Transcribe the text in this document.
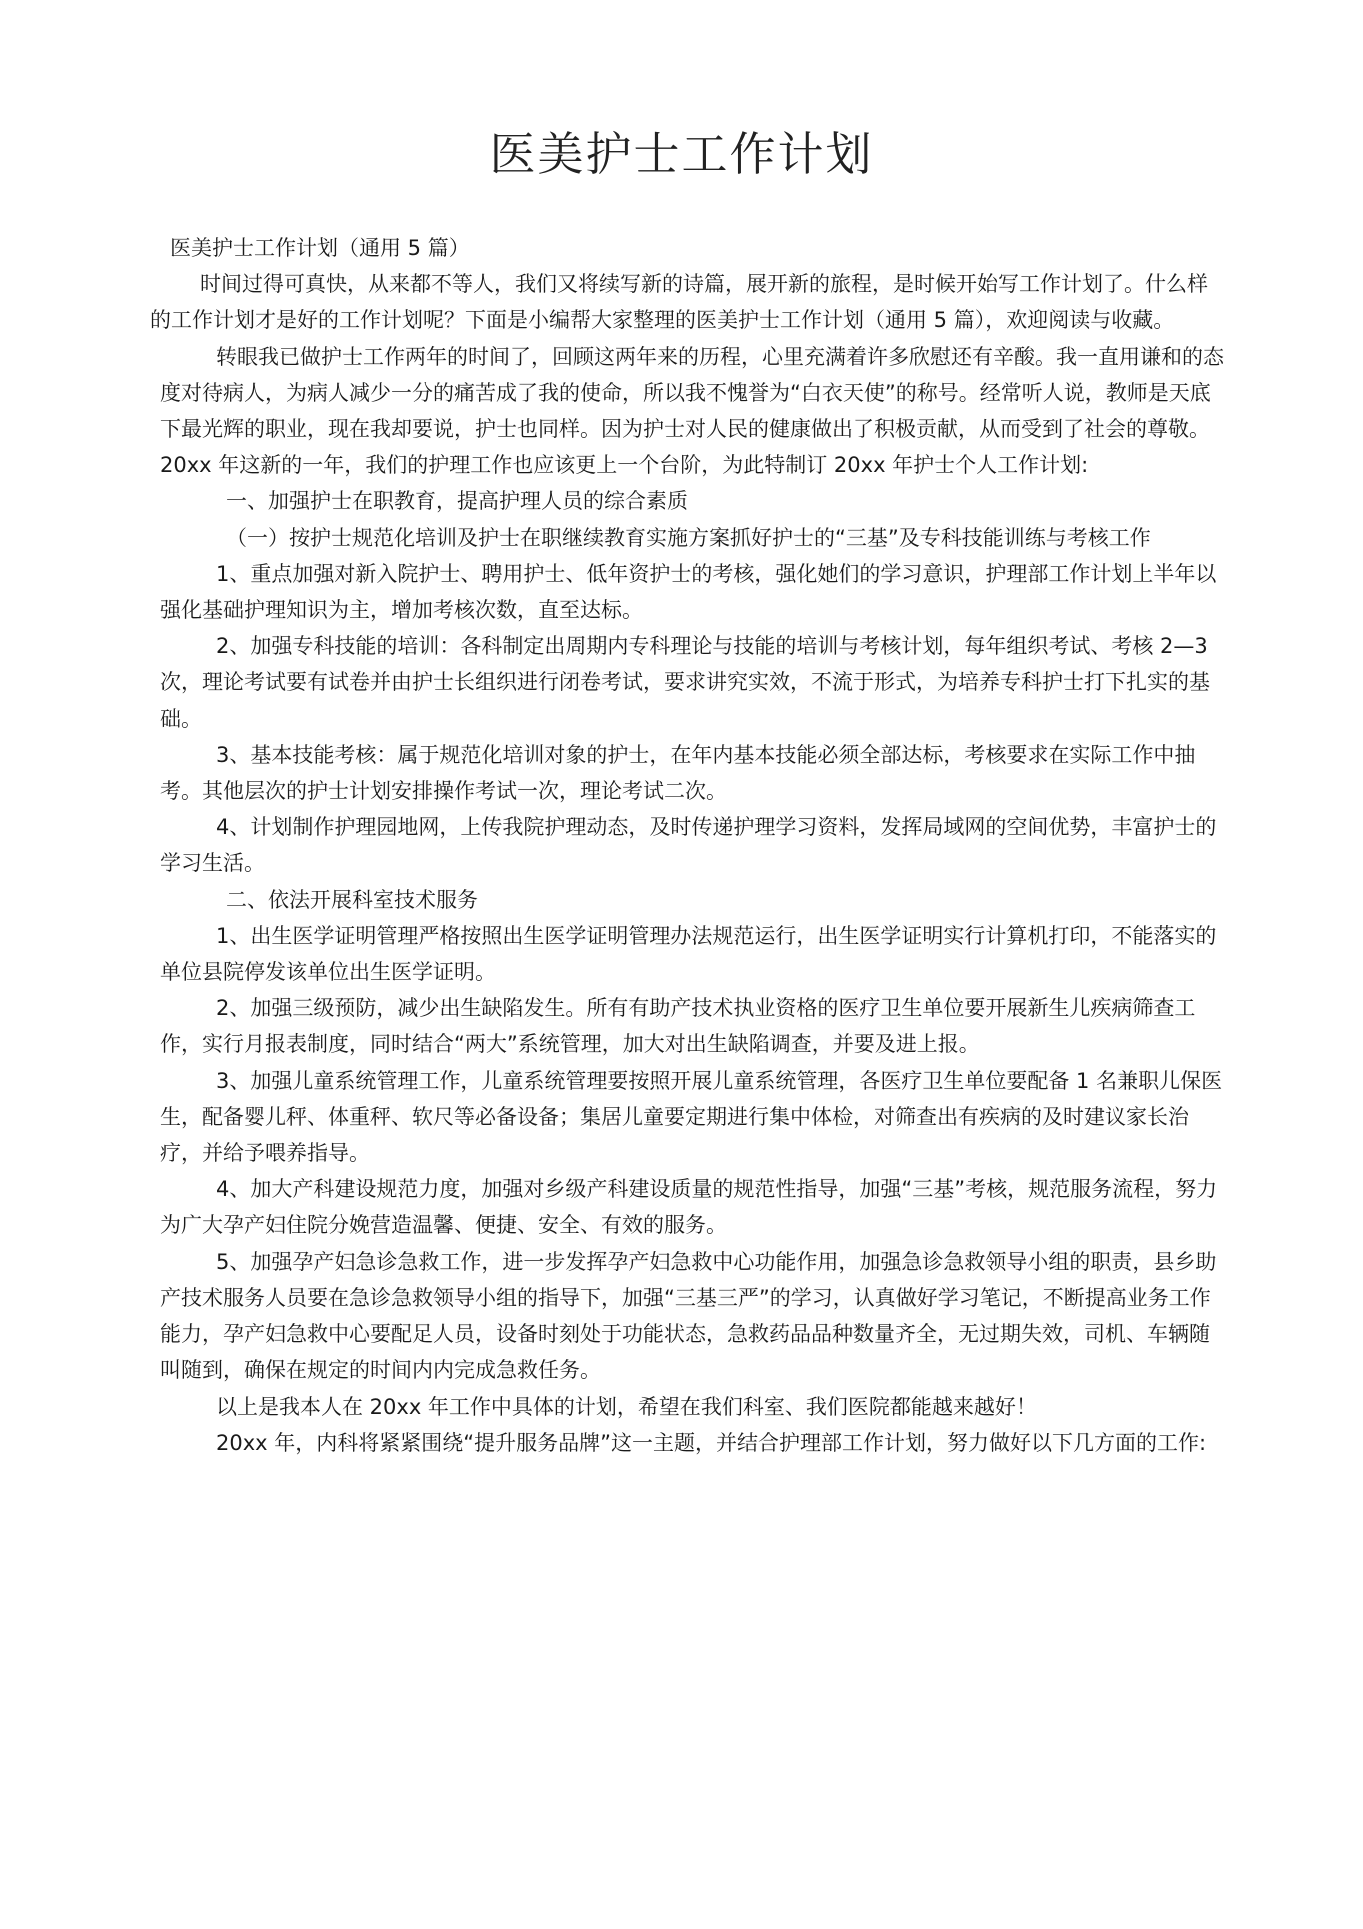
医美护士工作计划

医美护士工作计划（通用 5 篇）

时间过得可真快，从来都不等人，我们又将续写新的诗篇，展开新的旅程，是时候开始写工作计划了。什么样的工作计划才是好的工作计划呢？下面是小编帮大家整理的医美护士工作计划（通用 5 篇），欢迎阅读与收藏。

转眼我已做护士工作两年的时间了，回顾这两年来的历程，心里充满着许多欣慰还有辛酸。我一直用谦和的态度对待病人，为病人减少一分的痛苦成了我的使命，所以我不愧誉为“白衣天使”的称号。经常听人说，教师是天底下最光辉的职业，现在我却要说，护士也同样。因为护士对人民的健康做出了积极贡献，从而受到了社会的尊敬。20xx 年这新的一年，我们的护理工作也应该更上一个台阶，为此特制订 20xx 年护士个人工作计划:

一、加强护士在职教育，提高护理人员的综合素质

（一）按护士规范化培训及护士在职继续教育实施方案抓好护士的“三基”及专科技能训练与考核工作

1、重点加强对新入院护士、聘用护士、低年资护士的考核，强化她们的学习意识，护理部工作计划上半年以强化基础护理知识为主，增加考核次数，直至达标。

2、加强专科技能的培训：各科制定出周期内专科理论与技能的培训与考核计划，每年组织考试、考核 2—3 次，理论考试要有试卷并由护士长组织进行闭卷考试，要求讲究实效，不流于形式，为培养专科护士打下扎实的基础。

3、基本技能考核：属于规范化培训对象的护士，在年内基本技能必须全部达标，考核要求在实际工作中抽考。其他层次的护士计划安排操作考试一次，理论考试二次。

4、计划制作护理园地网，上传我院护理动态，及时传递护理学习资料，发挥局域网的空间优势，丰富护士的学习生活。

二、依法开展科室技术服务

1、出生医学证明管理严格按照出生医学证明管理办法规范运行，出生医学证明实行计算机打印，不能落实的单位县院停发该单位出生医学证明。

2、加强三级预防，减少出生缺陷发生。所有有助产技术执业资格的医疗卫生单位要开展新生儿疾病筛查工作，实行月报表制度，同时结合“两大”系统管理，加大对出生缺陷调查，并要及进上报。

3、加强儿童系统管理工作，儿童系统管理要按照开展儿童系统管理，各医疗卫生单位要配备 1 名兼职儿保医生，配备婴儿秤、体重秤、软尺等必备设备；集居儿童要定期进行集中体检，对筛查出有疾病的及时建议家长治疗，并给予喂养指导。

4、加大产科建设规范力度，加强对乡级产科建设质量的规范性指导，加强“三基”考核，规范服务流程，努力为广大孕产妇住院分娩营造温馨、便捷、安全、有效的服务。

5、加强孕产妇急诊急救工作，进一步发挥孕产妇急救中心功能作用，加强急诊急救领导小组的职责，县乡助产技术服务人员要在急诊急救领导小组的指导下，加强“三基三严”的学习，认真做好学习笔记，不断提高业务工作能力，孕产妇急救中心要配足人员，设备时刻处于功能状态，急救药品品种数量齐全，无过期失效，司机、车辆随叫随到，确保在规定的时间内内完成急救任务。

以上是我本人在 20xx 年工作中具体的计划，希望在我们科室、我们医院都能越来越好！

20xx 年，内科将紧紧围绕“提升服务品牌”这一主题，并结合护理部工作计划，努力做好以下几方面的工作:
